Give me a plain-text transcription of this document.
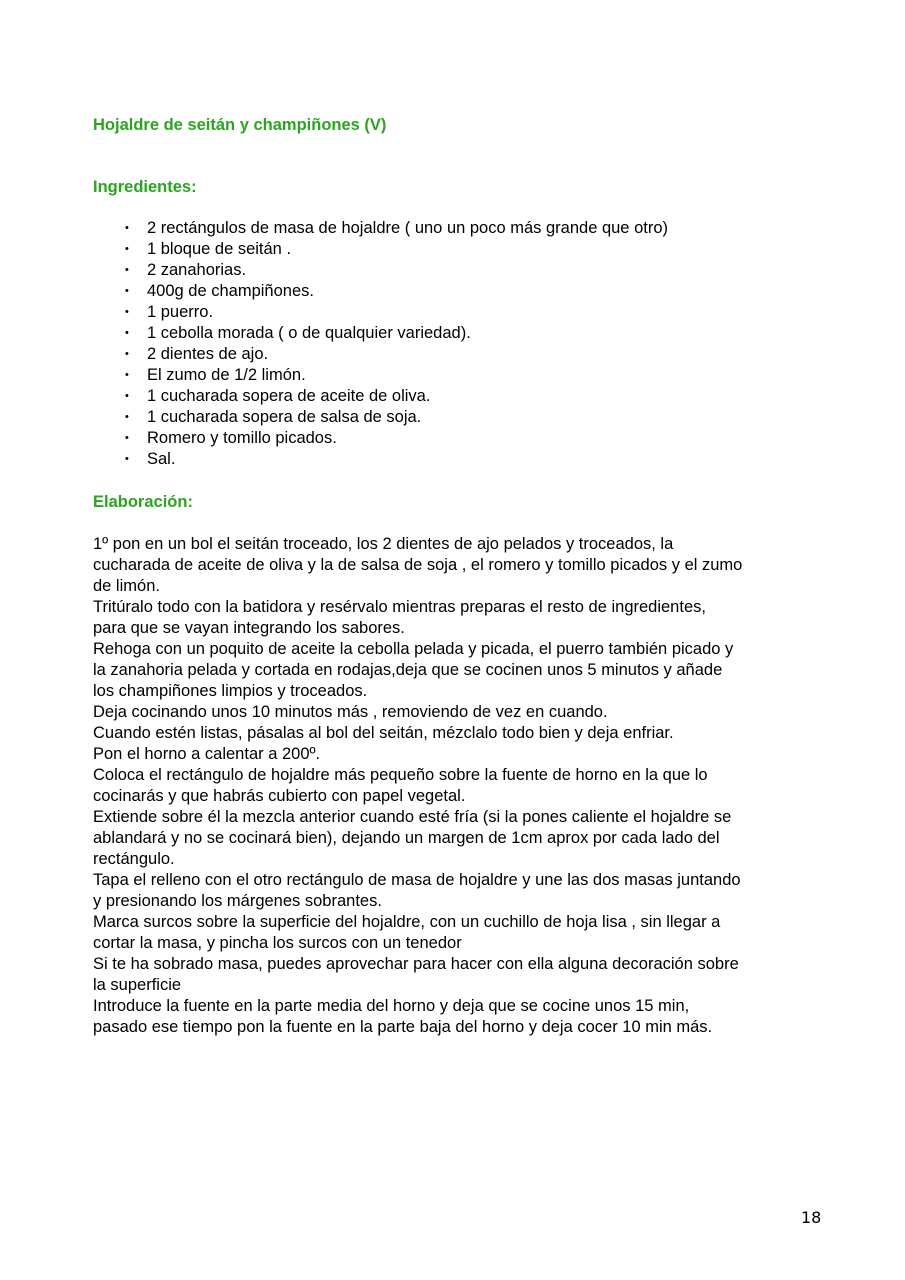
Hojaldre de seitán y champiñones (V)
Ingredientes:
• 2 rectángulos de masa de hojaldre ( uno un poco más grande que otro)
• 1 bloque de seitán .
• 2 zanahorias.
• 400g de champiñones.
• 1 puerro.
• 1 cebolla morada ( o de qualquier variedad).
• 2 dientes de ajo.
• El zumo de 1/2 limón.
• 1 cucharada sopera de aceite de oliva.
• 1 cucharada sopera de salsa de soja.
• Romero y tomillo picados.
• Sal.
Elaboración:
1º pon en un bol el seitán troceado, los 2 dientes de ajo pelados y troceados, la
cucharada de aceite de oliva y la de salsa de soja , el romero y tomillo picados y el zumo
de limón.
Tritúralo todo con la batidora y resérvalo mientras preparas el resto de ingredientes,
para que se vayan integrando los sabores.
Rehoga con un poquito de aceite la cebolla pelada y picada, el puerro también picado y
la zanahoria pelada y cortada en rodajas,deja que se cocinen unos 5 minutos y añade
los champiñones limpios y troceados.
Deja cocinando unos 10 minutos más , removiendo de vez en cuando.
Cuando estén listas, pásalas al bol del seitán, mézclalo todo bien y deja enfriar.
Pon el horno a calentar a 200º.
Coloca el rectángulo de hojaldre más pequeño sobre la fuente de horno en la que lo
cocinarás y que habrás cubierto con papel vegetal.
Extiende sobre él la mezcla anterior cuando esté fría (si la pones caliente el hojaldre se
ablandará y no se cocinará bien), dejando un margen de 1cm aprox por cada lado del
rectángulo.
Tapa el relleno con el otro rectángulo de masa de hojaldre y une las dos masas juntando
y presionando los márgenes sobrantes.
Marca surcos sobre la superficie del hojaldre, con un cuchillo de hoja lisa , sin llegar a
cortar la masa, y pincha los surcos con un tenedor
Si te ha sobrado masa, puedes aprovechar para hacer con ella alguna decoración sobre
la superficie
Introduce la fuente en la parte media del horno y deja que se cocine unos 15 min,
pasado ese tiempo pon la fuente en la parte baja del horno y deja cocer 10 min más.
18
